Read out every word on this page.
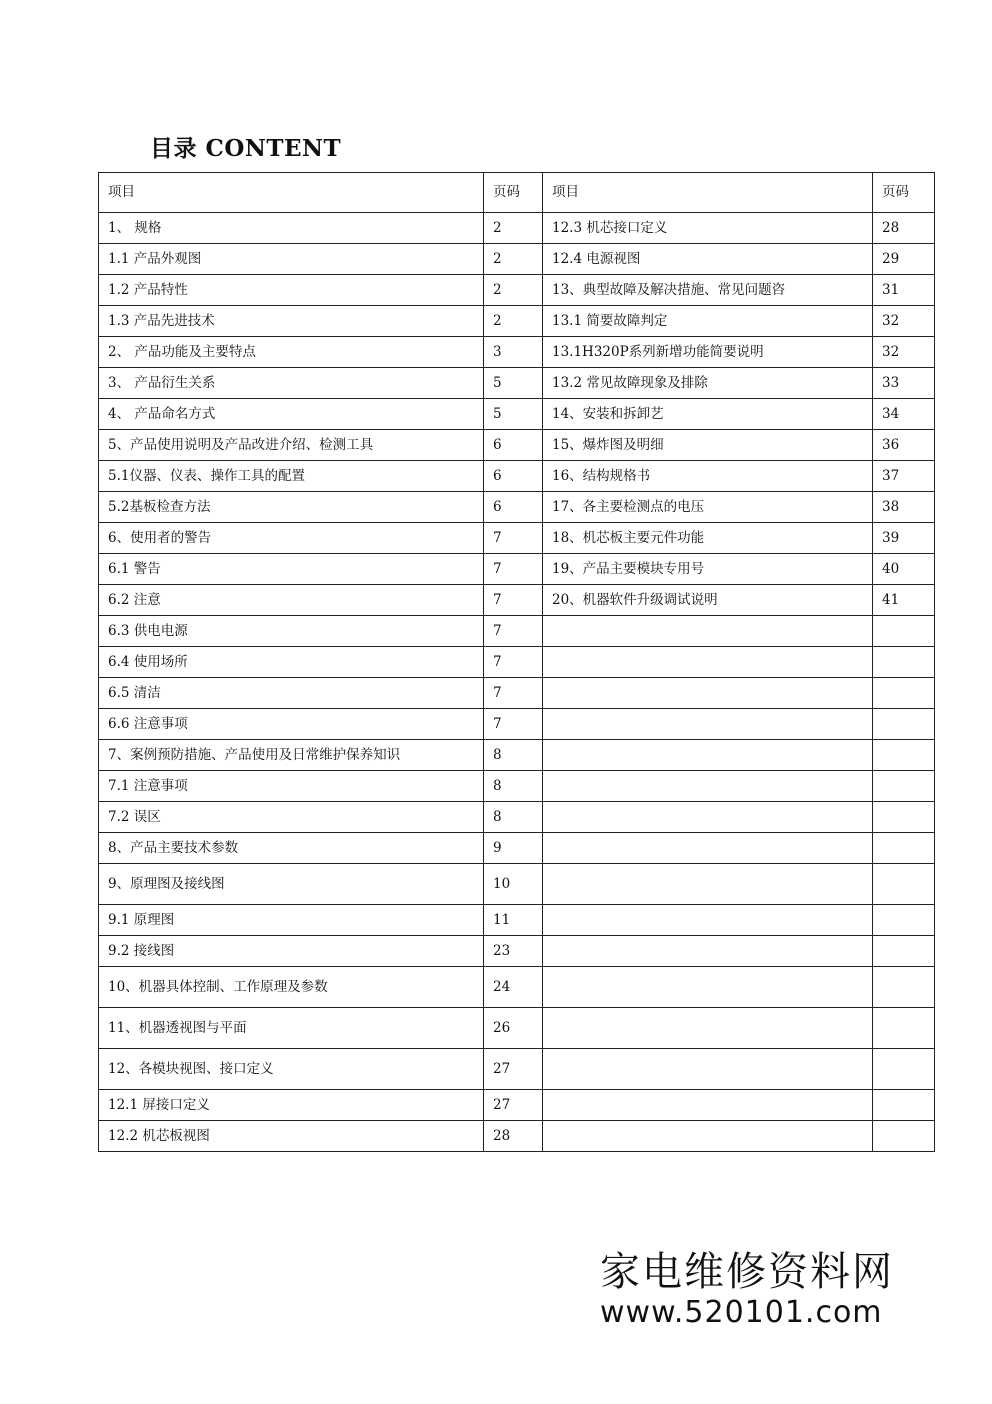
目录 CONTENT
项目	页码	项目	页码
1、 规格	2	12.3 机芯接口定义	28
1.1 产品外观图	2	12.4 电源视图	29
1.2 产品特性	2	13、典型故障及解决措施、常见问题咨	31
1.3 产品先进技术	2	13.1 简要故障判定	32
2、 产品功能及主要特点	3	13.1H320P系列新增功能简要说明	32
3、 产品衍生关系	5	13.2 常见故障现象及排除	33
4、 产品命名方式	5	14、安装和拆卸艺	34
5、产品使用说明及产品改进介绍、检测工具	6	15、爆炸图及明细	36
5.1仪器、仪表、操作工具的配置	6	16、结构规格书	37
5.2基板检查方法	6	17、各主要检测点的电压	38
6、使用者的警告	7	18、机芯板主要元件功能	39
6.1 警告	7	19、产品主要模块专用号	40
6.2 注意	7	20、机器软件升级调试说明	41
6.3 供电电源	7		
6.4 使用场所	7		
6.5 清洁	7		
6.6 注意事项	7		
7、案例预防措施、产品使用及日常维护保养知识	8		
7.1 注意事项	8		
7.2 误区	8		
8、产品主要技术参数	9		
9、原理图及接线图	10		
9.1 原理图	11		
9.2 接线图	23		
10、机器具体控制、工作原理及参数	24		
11、机器透视图与平面	26		
12、各模块视图、接口定义	27		
12.1 屏接口定义	27		
12.2 机芯板视图	28		
家电维修资料网
www.520101.com
